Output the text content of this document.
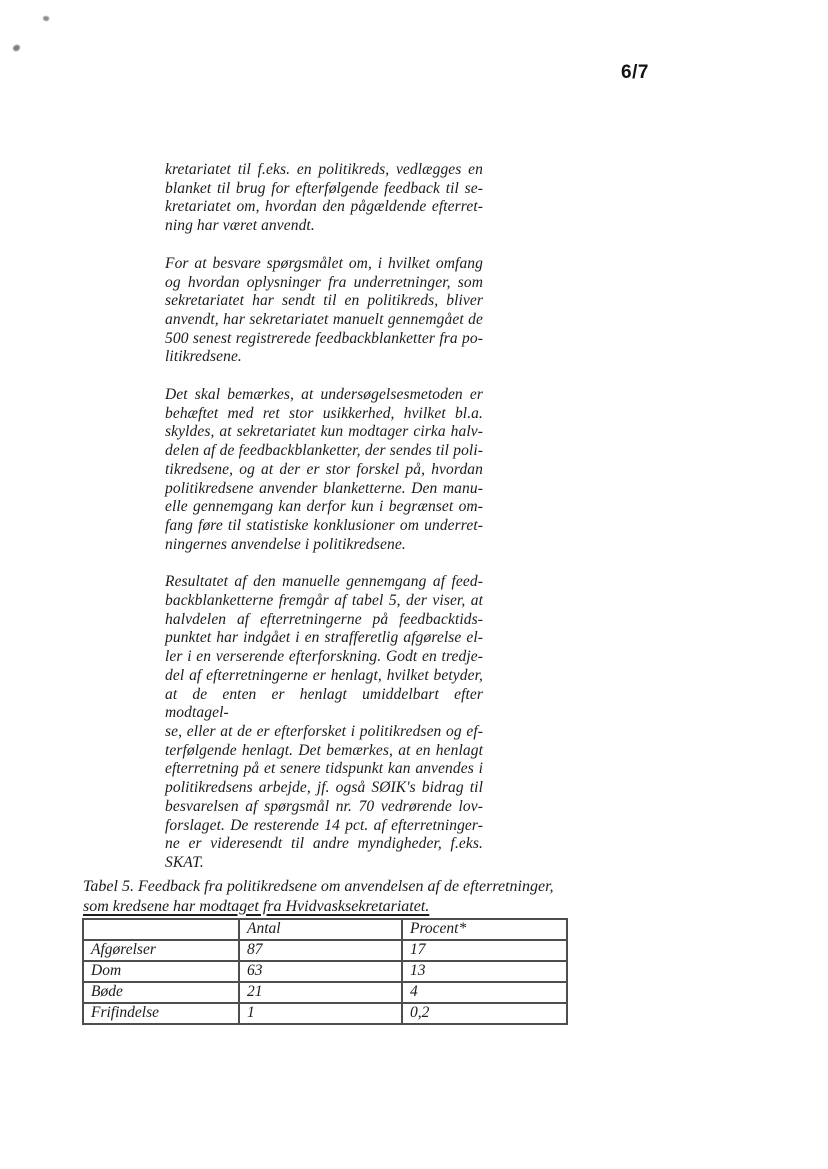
6/7
kretariatet til f.eks. en politikreds, vedlægges en
blanket til brug for efterfølgende feedback til se-
kretariatet om, hvordan den pågældende efterret-
ning har været anvendt.
For at besvare spørgsmålet om, i hvilket omfang
og hvordan oplysninger fra underretninger, som
sekretariatet har sendt til en politikreds, bliver
anvendt, har sekretariatet manuelt gennemgået de
500 senest registrerede feedbackblanketter fra po-
litikredsene.
Det skal bemærkes, at undersøgelsesmetoden er
behæftet med ret stor usikkerhed, hvilket bl.a.
skyldes, at sekretariatet kun modtager cirka halv-
delen af de feedbackblanketter, der sendes til poli-
tikredsene, og at der er stor forskel på, hvordan
politikredsene anvender blanketterne. Den manu-
elle gennemgang kan derfor kun i begrænset om-
fang føre til statistiske konklusioner om underret-
ningernes anvendelse i politikredsene.
Resultatet af den manuelle gennemgang af feed-
backblanketterne fremgår af tabel 5, der viser, at
halvdelen af efterretningerne på feedbacktids-
punktet har indgået i en strafferetlig afgørelse el-
ler i en verserende efterforskning. Godt en tredje-
del af efterretningerne er henlagt, hvilket betyder,
at de enten er henlagt umiddelbart efter modtagel-
se, eller at de er efterforsket i politikredsen og ef-
terfølgende henlagt. Det bemærkes, at en henlagt
efterretning på et senere tidspunkt kan anvendes i
politikredsens arbejde, jf. også SØIK's bidrag til
besvarelsen af spørgsmål nr. 70 vedrørende lov-
forslaget. De resterende 14 pct. af efterretninger-
ne er videresendt til andre myndigheder, f.eks.
SKAT.
Tabel 5. Feedback fra politikredsene om anvendelsen af de efterretninger,
som kredsene har modtaget fra Hvidvasksekretariatet.
	Antal	Procent*
Afgørelser	87	17
Dom	63	13
Bøde	21	4
Frifindelse	1	0,2
